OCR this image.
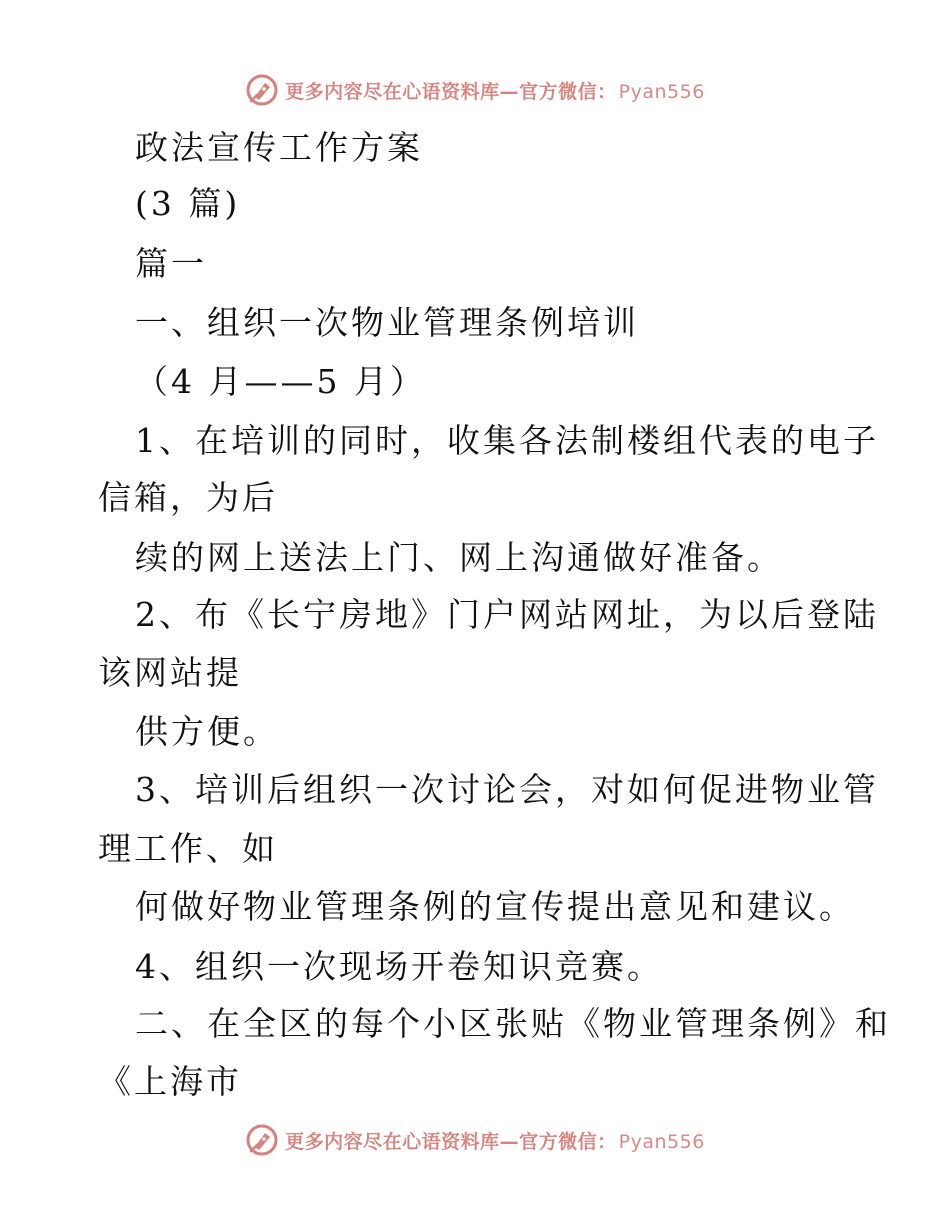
更多内容尽在心语资料库—官方微信： Pyan556
政法宣传工作方案
(3 篇)
篇一
一、组织一次物业管理条例培训
（4 月——5 月）
1、在培训的同时，收集各法制楼组代表的电子
信箱，为后
续的网上送法上门、网上沟通做好准备。
2、布《长宁房地》门户网站网址，为以后登陆
该网站提
供方便。
3、培训后组织一次讨论会，对如何促进物业管
理工作、如
何做好物业管理条例的宣传提出意见和建议。
4、组织一次现场开卷知识竞赛。
二、在全区的每个小区张贴《物业管理条例》和
《上海市
更多内容尽在心语资料库—官方微信： Pyan556
